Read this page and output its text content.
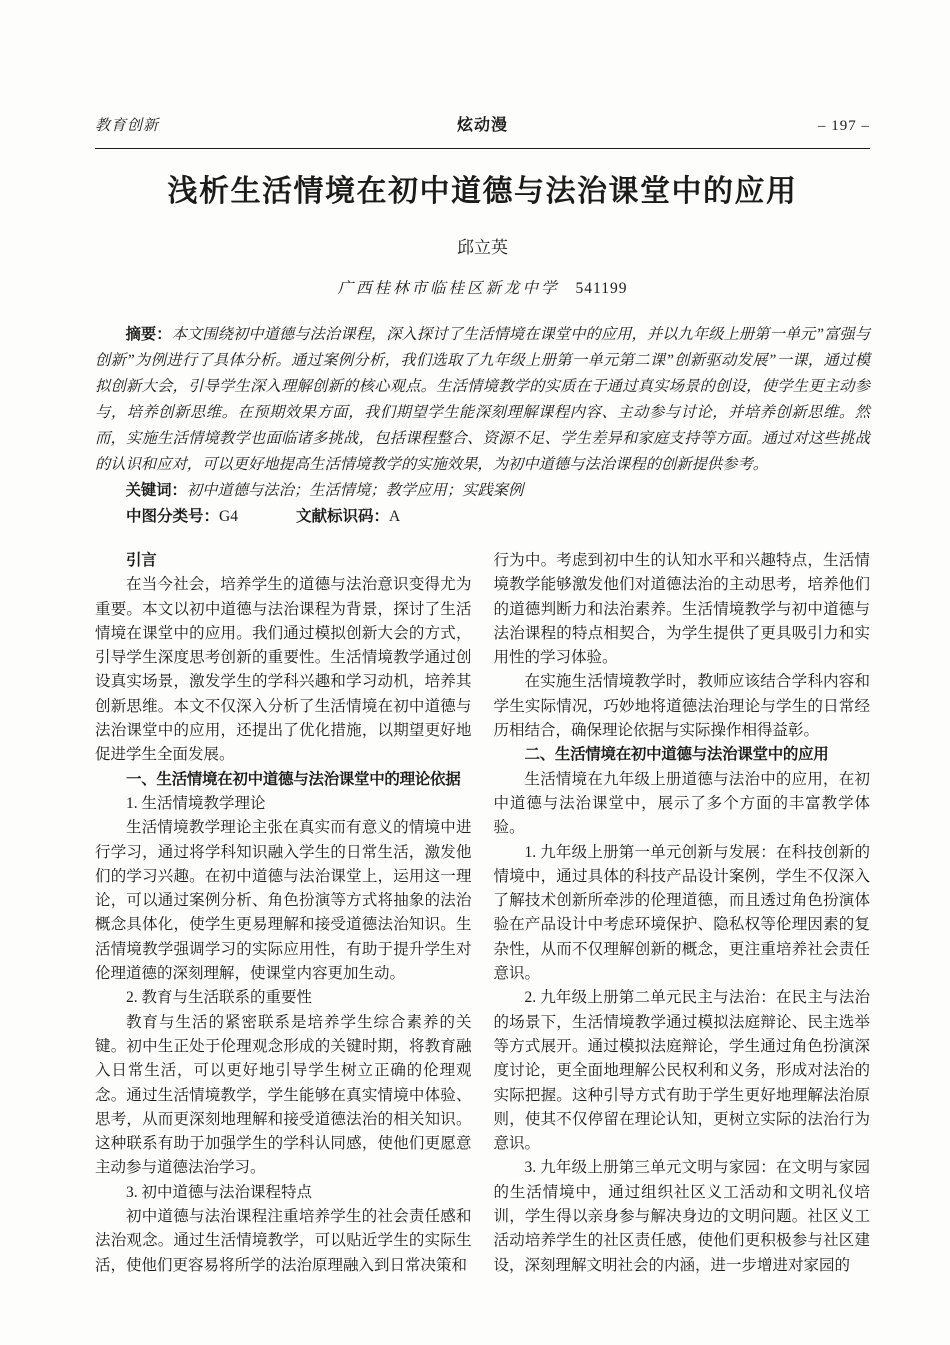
教育创新	炫动漫	– 197 –
浅析生活情境在初中道德与法治课堂中的应用
邱立英
广西桂林市临桂区新龙中学 541199

摘要：本文围绕初中道德与法治课程，深入探讨了生活情境在课堂中的应用，并以九年级上册第一单元”富强与创新”为例进行了具体分析。通过案例分析，我们选取了九年级上册第一单元第二课”创新驱动发展”一课，通过模拟创新大会，引导学生深入理解创新的核心观点。生活情境教学的实质在于通过真实场景的创设，使学生更主动参与，培养创新思维。在预期效果方面，我们期望学生能深刻理解课程内容、主动参与讨论，并培养创新思维。然而，实施生活情境教学也面临诸多挑战，包括课程整合、资源不足、学生差异和家庭支持等方面。通过对这些挑战的认识和应对，可以更好地提高生活情境教学的实施效果，为初中道德与法治课程的创新提供参考。

关键词：初中道德与法治；生活情境；教学应用；实践案例

中图分类号：G4	文献标识码：A

引言

在当今社会，培养学生的道德与法治意识变得尤为重要。本文以初中道德与法治课程为背景，探讨了生活情境在课堂中的应用。我们通过模拟创新大会的方式，引导学生深度思考创新的重要性。生活情境教学通过创设真实场景，激发学生的学科兴趣和学习动机，培养其创新思维。本文不仅深入分析了生活情境在初中道德与法治课堂中的应用，还提出了优化措施，以期望更好地促进学生全面发展。

一、生活情境在初中道德与法治课堂中的理论依据

1. 生活情境教学理论

生活情境教学理论主张在真实而有意义的情境中进行学习，通过将学科知识融入学生的日常生活，激发他们的学习兴趣。在初中道德与法治课堂上，运用这一理论，可以通过案例分析、角色扮演等方式将抽象的法治概念具体化，使学生更易理解和接受道德法治知识。生活情境教学强调学习的实际应用性，有助于提升学生对伦理道德的深刻理解，使课堂内容更加生动。

2. 教育与生活联系的重要性

教育与生活的紧密联系是培养学生综合素养的关键。初中生正处于伦理观念形成的关键时期，将教育融入日常生活，可以更好地引导学生树立正确的伦理观念。通过生活情境教学，学生能够在真实情境中体验、思考，从而更深刻地理解和接受道德法治的相关知识。这种联系有助于加强学生的学科认同感，使他们更愿意主动参与道德法治学习。

3. 初中道德与法治课程特点

初中道德与法治课程注重培养学生的社会责任感和法治观念。通过生活情境教学，可以贴近学生的实际生活，使他们更容易将所学的法治原理融入到日常决策和

行为中。考虑到初中生的认知水平和兴趣特点，生活情境教学能够激发他们对道德法治的主动思考，培养他们的道德判断力和法治素养。生活情境教学与初中道德与法治课程的特点相契合，为学生提供了更具吸引力和实用性的学习体验。

在实施生活情境教学时，教师应该结合学科内容和学生实际情况，巧妙地将道德法治理论与学生的日常经历相结合，确保理论依据与实际操作相得益彰。

二、生活情境在初中道德与法治课堂中的应用

生活情境在九年级上册道德与法治中的应用，在初中道德与法治课堂中，展示了多个方面的丰富教学体验。

1. 九年级上册第一单元创新与发展：在科技创新的情境中，通过具体的科技产品设计案例，学生不仅深入了解技术创新所牵涉的伦理道德，而且透过角色扮演体验在产品设计中考虑环境保护、隐私权等伦理因素的复杂性，从而不仅理解创新的概念，更注重培养社会责任意识。

2. 九年级上册第二单元民主与法治：在民主与法治的场景下，生活情境教学通过模拟法庭辩论、民主选举等方式展开。通过模拟法庭辩论，学生通过角色扮演深度讨论，更全面地理解公民权利和义务，形成对法治的实际把握。这种引导方式有助于学生更好地理解法治原则，使其不仅停留在理论认知，更树立实际的法治行为意识。

3. 九年级上册第三单元文明与家园：在文明与家园的生活情境中，通过组织社区义工活动和文明礼仪培训，学生得以亲身参与解决身边的文明问题。社区义工活动培养学生的社区责任感，使他们更积极参与社区建设，深刻理解文明社会的内涵，进一步增进对家园的
